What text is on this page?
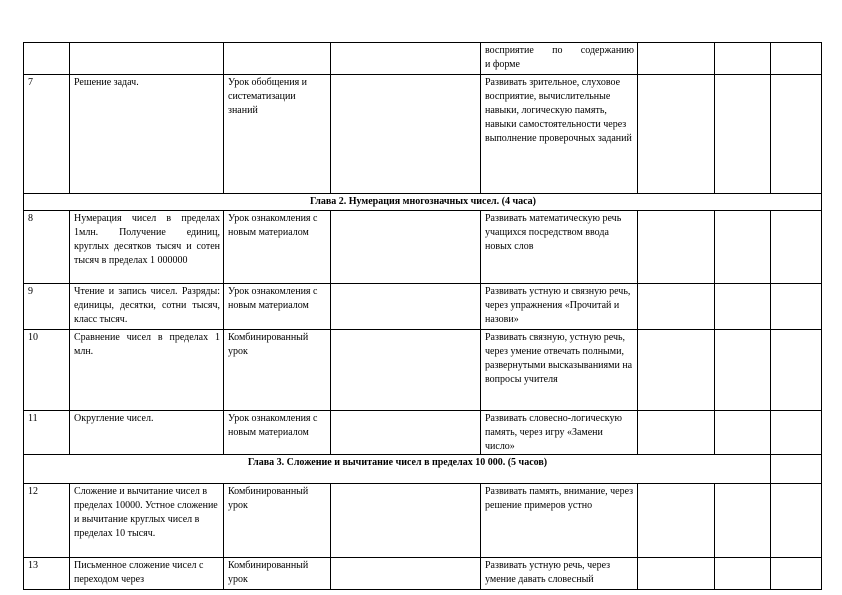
				восприятие по содержанию
и форме			

7	Решение задач.	Урок обобщения и систематизации знаний		Развивать зрительное, слуховое восприятие, вычислительные навыки, логическую память, навыки самостоятельности через выполнение проверочных заданий			
Глава 2. Нумерация многозначных чисел. (4 часа)							
8	Нумерация чисел в пределах 1млн. Получение единиц, круглых десятков тысяч и сотен тысяч в пределах 1 000000	Урок ознакомления с новым материалом		Развивать математическую речь учащихся посредством ввода новых слов			
9	Чтение и запись чисел. Разряды: единицы, десятки, сотни тысяч, класс тысяч.	Урок ознакомления с новым материалом		Развивать устную и связную речь, через упражнения «Прочитай и назови»			
10	Сравнение чисел в пределах 1 млн.	Комбинированный урок		Развивать связную, устную речь, через умение отвечать полными, развернутыми высказываниями на вопросы учителя			
11	Округление чисел.	Урок ознакомления с новым материалом		Развивать словесно-логическую память, через игру «Замени число»			
Глава 3. Сложение и вычитание чисел в пределах 10 000. (5 часов)							
12	Сложение и вычитание чисел в пределах 10000. Устное сложение и вычитание круглых чисел в пределах 10 тысяч.	Комбинированный урок		Развивать память, внимание, через решение примеров устно			
13	Письменное сложение чисел с переходом через	Комбинированный урок		Развивать устную речь, через умение давать словесный			
